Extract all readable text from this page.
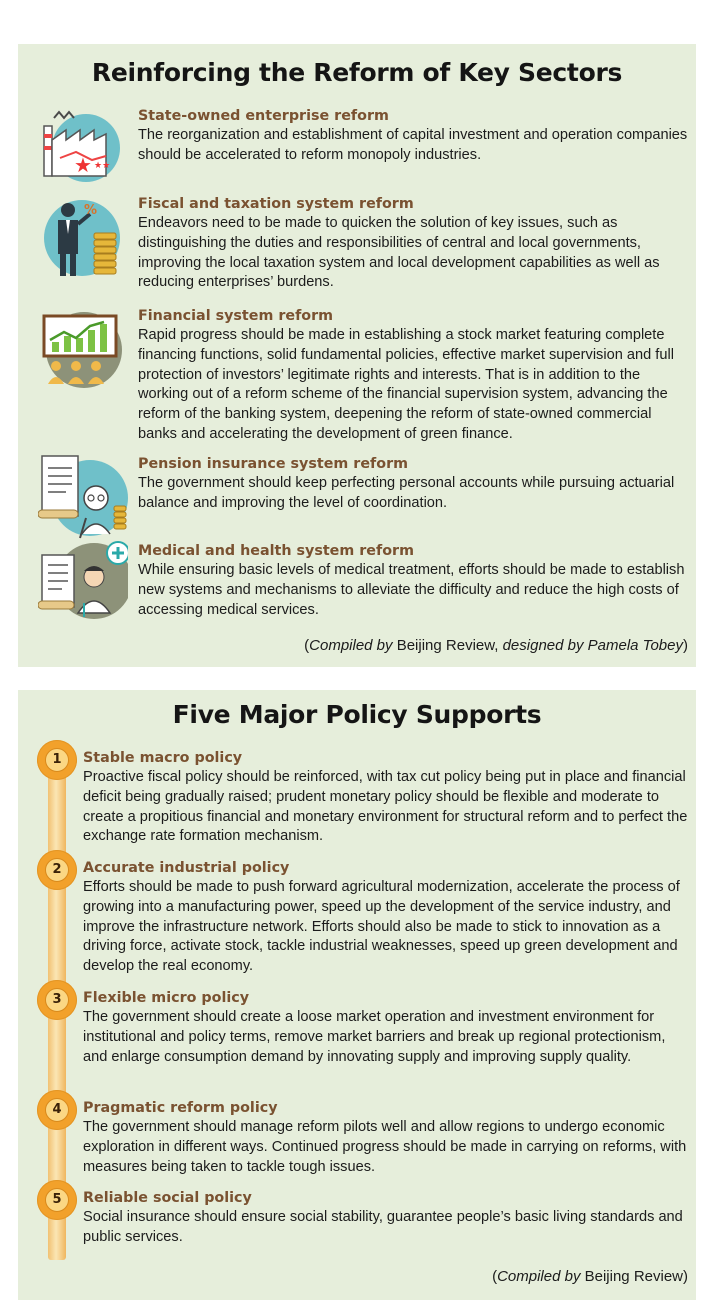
Reinforcing the Reform of Key Sectors
★ ★★

State-owned enterprise reform

The reorganization and establishment of capital investment and operation companies should be accelerated to reform monopoly industries.

%	Fiscal and taxation system reform

Endeavors need to be made to quicken the solution of key issues, such as distinguishing the duties and responsibilities of central and local governments, improving the local taxation system and local development capabilities as well as reducing enterprises’ burdens.

Financial system reform

Rapid progress should be made in establishing a stock market featuring complete financing functions, solid fundamental policies, effective market supervision and full protection of investors’ legitimate rights and interests. That is in addition to the working out of a reform scheme of the financial supervision system, advancing the reform of the banking system, deepening the reform of state-owned commercial banks and accelerating the development of green finance.

Pension insurance system reform

The government should keep perfecting personal accounts while pursuing actuarial balance and improving the level of coordination.

Medical and health system reform

While ensuring basic levels of medical treatment, efforts should be made to establish new systems and mechanisms to alleviate the difficulty and reduce the high costs of accessing medical services.

(Compiled by Beijing Review, designed by Pamela Tobey)
Five Major Policy Supports
1	Stable macro policy

Proactive fiscal policy should be reinforced, with tax cut policy being put in place and financial deficit being gradually raised; prudent monetary policy should be flexible and moderate to create a propitious financial and monetary environment for structural reform and to perfect the exchange rate formation mechanism.

2	Accurate industrial policy

Efforts should be made to push forward agricultural modernization, accelerate the process of growing into a manufacturing power, speed up the development of the service industry, and improve the infrastructure network. Efforts should also be made to stick to innovation as a driving force, activate stock, tackle industrial weaknesses, speed up green development and develop the real economy.

3	Flexible micro policy

The government should create a loose market operation and investment environment for institutional and policy terms, remove market barriers and break up regional protectionism, and enlarge consumption demand by innovating supply and improving supply quality.

4	Pragmatic reform policy

The government should manage reform pilots well and allow regions to undergo economic exploration in different ways. Continued progress should be made in carrying on reforms, with measures being taken to tackle tough issues.

5	Reliable social policy

Social insurance should ensure social stability, guarantee people’s basic living standards and public services.

(Compiled by Beijing Review)
